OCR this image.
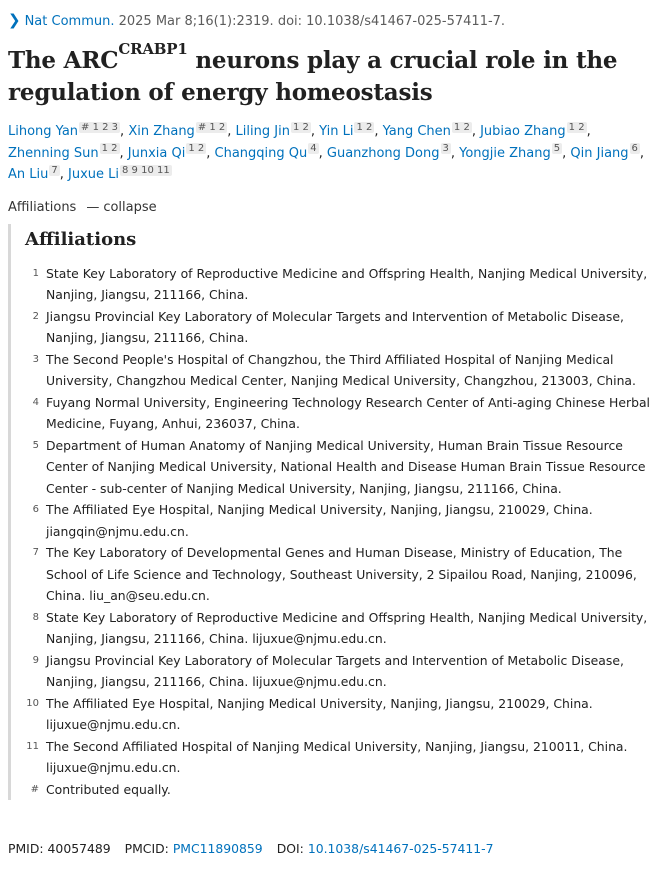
❯ Nat Commun. 2025 Mar 8;16(1):2319. doi: 10.1038/s41467-025-57411-7.
The $ARC^{CRABP1}$ neurons play a crucial role in the regulation of energy homeostasis
Lihong Yan $^{\# 1 2 3}$ , Xin Zhang $^{\# 1 2}$ , Liling Jin $^{1 2}$ , Yin Li $^{1 2}$ , Yang Chen $^{1 2}$ , Jubiao Zhang $^{1 2}$ , Zhenning Sun $^{1 2}$ , Junxia Qi $^{1 2}$ , Changqing Qu $^4$ , Guanzhong Dong $^3$ , Yongjie Zhang $^5$ , Qin Jiang $^6$ , An Liu $^7$ , Juxue Li $^{8 9 10 11}$
Affiliations — collapse
Affiliations
1 State Key Laboratory of Reproductive Medicine and Offspring Health, Nanjing Medical University, Nanjing, Jiangsu, 211166, China.
2 Jiangsu Provincial Key Laboratory of Molecular Targets and Intervention of Metabolic Disease, Nanjing, Jiangsu, 211166, China.
3 The Second People's Hospital of Changzhou, the Third Affiliated Hospital of Nanjing Medical University, Changzhou Medical Center, Nanjing Medical University, Changzhou, 213003, China.
4 Fuyang Normal University, Engineering Technology Research Center of Anti-aging Chinese Herbal Medicine, Fuyang, Anhui, 236037, China.
5 Department of Human Anatomy of Nanjing Medical University, Human Brain Tissue Resource Center of Nanjing Medical University, National Health and Disease Human Brain Tissue Resource Center - sub-center of Nanjing Medical University, Nanjing, Jiangsu, 211166, China.
6 The Affiliated Eye Hospital, Nanjing Medical University, Nanjing, Jiangsu, 210029, China. jiangqin@njmu.edu.cn.
7 The Key Laboratory of Developmental Genes and Human Disease, Ministry of Education, The School of Life Science and Technology, Southeast University, 2 Sipailou Road, Nanjing, 210096, China. liu_an@seu.edu.cn.
8 State Key Laboratory of Reproductive Medicine and Offspring Health, Nanjing Medical University, Nanjing, Jiangsu, 211166, China. lijuxue@njmu.edu.cn.
9 Jiangsu Provincial Key Laboratory of Molecular Targets and Intervention of Metabolic Disease, Nanjing, Jiangsu, 211166, China. lijuxue@njmu.edu.cn.
10 The Affiliated Eye Hospital, Nanjing Medical University, Nanjing, Jiangsu, 210029, China. lijuxue@njmu.edu.cn.
11 The Second Affiliated Hospital of Nanjing Medical University, Nanjing, Jiangsu, 210011, China. lijuxue@njmu.edu.cn.
# Contributed equally.
PMID: 40057489 PMCID: PMC11890859 DOI: 10.1038/s41467-025-57411-7
